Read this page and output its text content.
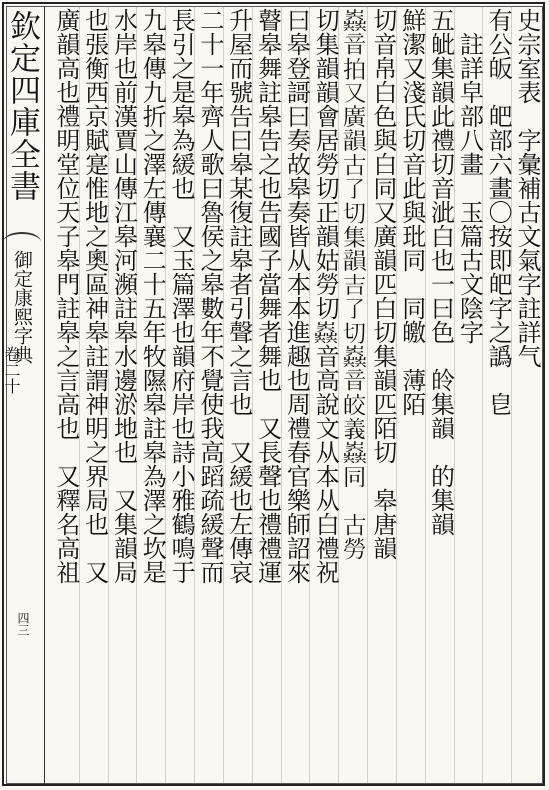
欽定四庫全書
御定康熙字典
卷二十
四三
史宗室表　字彙補古文氣字註詳气
有公皈　皅部六畫〇按即皅字之譌　皀
　註詳皁部八畫　玉篇古文陰字
五皉集韻此禮切音泚白也一曰色　皊集韻　的集韻
鮮潔又淺氏切音此與玭同　同皦　薄陌
切音帛白色與白同又廣韻匹白切集韻匹陌切　皋唐韻
𡴫音拍又廣韻古了切集韻吉了切𡴫音皎義𡴫同　古勞
切集韻韻會居勞切正韻姑勞切𡴫音高說文从本从白禮祝
曰皋登謌曰奏故皋奏皆从本本進趣也周禮春官樂師詔來
瞽皋舞註皋告之也告國子當舞者舞也　又長聲也禮禮運
升屋而號告曰皋某復註皋者引聲之言也　又緩也左傳哀
二十一年齊人歌曰魯侯之皋數年不覺使我高蹈疏緩聲而
長引之是皋為緩也　又玉篇澤也韻府岸也詩小雅鶴鳴于
九皋傳九折之澤左傳襄二十五年牧隰皋註皋為澤之坎是
水岸也前漢賈山傳江皋河瀕註皋水邊淤地也　又集韻局
也張衡西京賦寔惟地之奧區神皋註謂神明之界局也　又
廣韻高也禮明堂位天子皋門註皋之言高也　又釋名高祖
